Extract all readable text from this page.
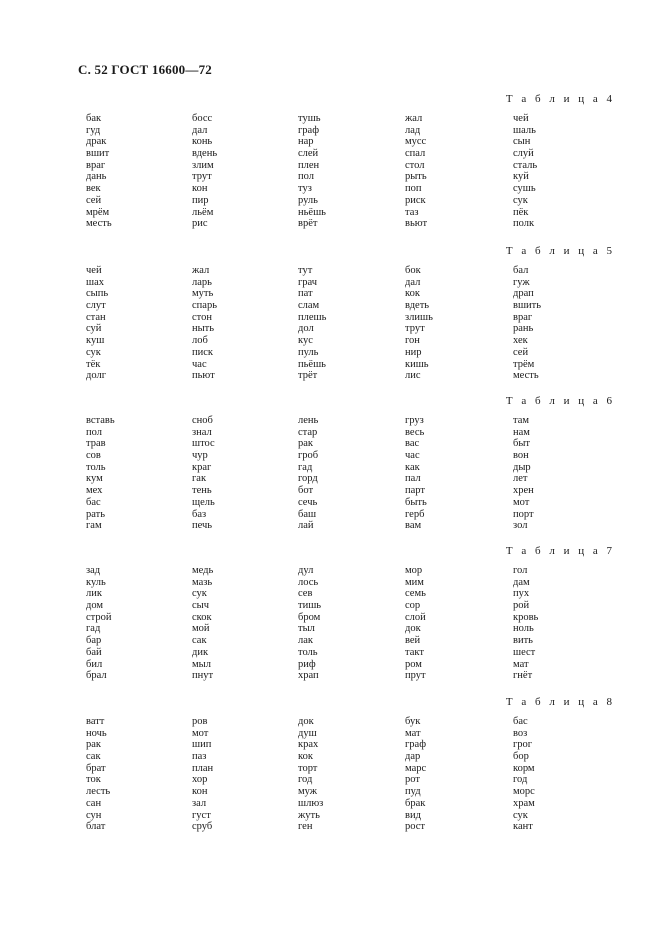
С. 52 ГОСТ 16600—72
Т а б л и ц а 4
бак
гуд
драк
вшит
враг
дань
век
сей
мрём
месть
босс
дал
конь
вдень
злим
трут
кон
пир
льём
рис
тушь
граф
нар
слей
плен
пол
туз
руль
ньёшь
врёт
жал
лад
мусс
спал
стол
рыть
поп
риск
таз
вьют
чей
шаль
сын
слуй
сталь
куй
сушь
сук
пёк
полк
Т а б л и ц а 5
чей
шах
сыпь
слут
стан
суй
куш
сук
тёк
долг
жал
ларь
муть
спарь
стон
ныть
лоб
писк
час
пьют
тут
грач
пат
слам
плешь
дол
кус
пуль
пьёшь
трёт
бок
дал
кок
вдеть
злишь
трут
гон
нир
кишь
лис
бал
гуж
драп
вшить
враг
рань
хек
сей
трём
месть
Т а б л и ц а 6
вставь
пол
трав
сов
толь
кум
мех
бас
рать
гам
сноб
знал
штос
чур
краг
гак
тень
щель
баз
печь
лень
стар
рак
гроб
гад
горд
бот
сечь
баш
лай
груз
весь
вас
час
как
пал
парт
быть
герб
вам
там
нам
быт
вон
дыр
лет
хрен
мот
порт
зол
Т а б л и ц а 7
зад
куль
лик
дом
строй
гад
бар
бай
бил
брал
медь
мазь
сук
сыч
скок
мой
сак
дик
мыл
пнут
дул
лось
сев
тишь
бром
тыл
лак
толь
риф
храп
мор
мим
семь
сор
слой
док
вей
такт
ром
прут
гол
дам
пух
рой
кровь
ноль
вить
шест
мат
гнёт
Т а б л и ц а 8
ватт
ночь
рак
сак
брат
ток
лесть
сан
сун
блат
ров
мот
шип
паз
план
хор
кон
зал
густ
сруб
док
душ
крах
кок
торт
год
муж
шлюз
жуть
ген
бук
мат
граф
дар
марс
рот
пуд
брак
вид
рост
бас
воз
грог
бор
корм
год
морс
храм
сук
кант
